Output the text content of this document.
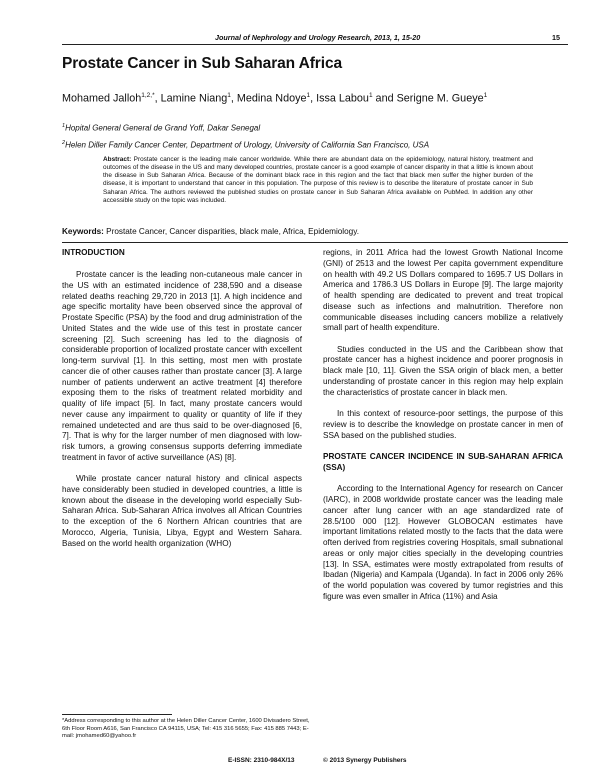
Journal of Nephrology and Urology Research, 2013, 1, 15-20	15
Prostate Cancer in Sub Saharan Africa
Mohamed Jalloh$^{1,2,*}$, Lamine Niang$^1$, Medina Ndoye$^1$, Issa Labou$^1$ and Serigne M. Gueye$^1$
$^1$Hopital General General de Grand Yoff, Dakar Senegal
$^2$Helen Diller Family Cancer Center, Department of Urology, University of California San Francisco, USA
Abstract: Prostate cancer is the leading male cancer worldwide. While there are abundant data on the epidemiology, natural history, treatment and outcomes of the disease in the US and many developed countries, prostate cancer is a good example of cancer disparity in that a little is known about the disease in Sub Saharan Africa. Because of the dominant black race in this region and the fact that black men suffer the higher burden of the disease, it is important to understand that cancer in this population. The purpose of this review is to describe the literature of prostate cancer in Sub Saharan Africa. The authors reviewed the published studies on prostate cancer in Sub Saharan Africa available on PubMed. In addition any other accessible study on the topic was included.
Keywords: Prostate Cancer, Cancer disparities, black male, Africa, Epidemiology.
INTRODUCTION

Prostate cancer is the leading non-cutaneous male cancer in the US with an estimated incidence of 238,590 and a disease related deaths reaching 29,720 in 2013 [1]. A high incidence and age specific mortality have been observed since the approval of Prostate Specific (PSA) by the food and drug administration of the United States and the wide use of this test in prostate cancer screening [2]. Such screening has led to the diagnosis of considerable proportion of localized prostate cancer with excellent long-term survival [1]. In this setting, most men with prostate cancer die of other causes rather than prostate cancer [3]. A large number of patients underwent an active treatment [4] therefore exposing them to the risks of treatment related morbidity and quality of life impact [5]. In fact, many prostate cancers would never cause any impairment to quality or quantity of life if they remained undetected and are thus said to be over-diagnosed [6, 7]. That is why for the larger number of men diagnosed with low-risk tumors, a growing consensus supports deferring immediate treatment in favor of active surveillance (AS) [8].

While prostate cancer natural history and clinical aspects have considerably been studied in developed countries, a little is known about the disease in the developing world especially Sub-Saharan Africa. Sub-Saharan Africa involves all African Countries to the exception of the 6 Northern African countries that are Morocco, Algeria, Tunisia, Libya, Egypt and Western Sahara. Based on the world health organization (WHO)

regions, in 2011 Africa had the lowest Growth National Income (GNI) of 2513 and the lowest Per capita government expenditure on health with 49.2 US Dollars compared to 1695.7 US Dollars in America and 1786.3 US Dollars in Europe [9]. The large majority of health spending are dedicated to prevent and treat tropical disease such as infections and malnutrition. Therefore non communicable diseases including cancers mobilize a relatively small part of health expenditure.

Studies conducted in the US and the Caribbean show that prostate cancer has a highest incidence and poorer prognosis in black male [10, 11]. Given the SSA origin of black men, a better understanding of prostate cancer in this region may help explain the characteristics of prostate cancer in black men.

In this context of resource-poor settings, the purpose of this review is to describe the knowledge on prostate cancer in men of SSA based on the published studies.

PROSTATE CANCER INCIDENCE IN SUB-SAHARAN AFRICA (SSA)

According to the International Agency for research on Cancer (IARC), in 2008 worldwide prostate cancer was the leading male cancer after lung cancer with an age standardized rate of 28.5/100 000 [12]. However GLOBOCAN estimates have important limitations related mostly to the facts that the data were often derived from registries covering Hospitals, small subnational areas or only major cities specially in the developing countries [13]. In SSA, estimates were mostly extrapolated from results of Ibadan (Nigeria) and Kampala (Uganda). In fact in 2006 only 26% of the world population was covered by tumor registries and this figure was even smaller in Africa (11%) and Asia

*Address corresponding to this author at the Helen Diller Cancer Center, 1600 Divisadero Street, 6th Floor Room A616, San Francisco CA 94115, USA; Tel: 415 316 5655; Fax: 415 885 7443; E-mail: jmohamed60@yahoo.fr
E-ISSN: 2310-984X/13	© 2013 Synergy Publishers
